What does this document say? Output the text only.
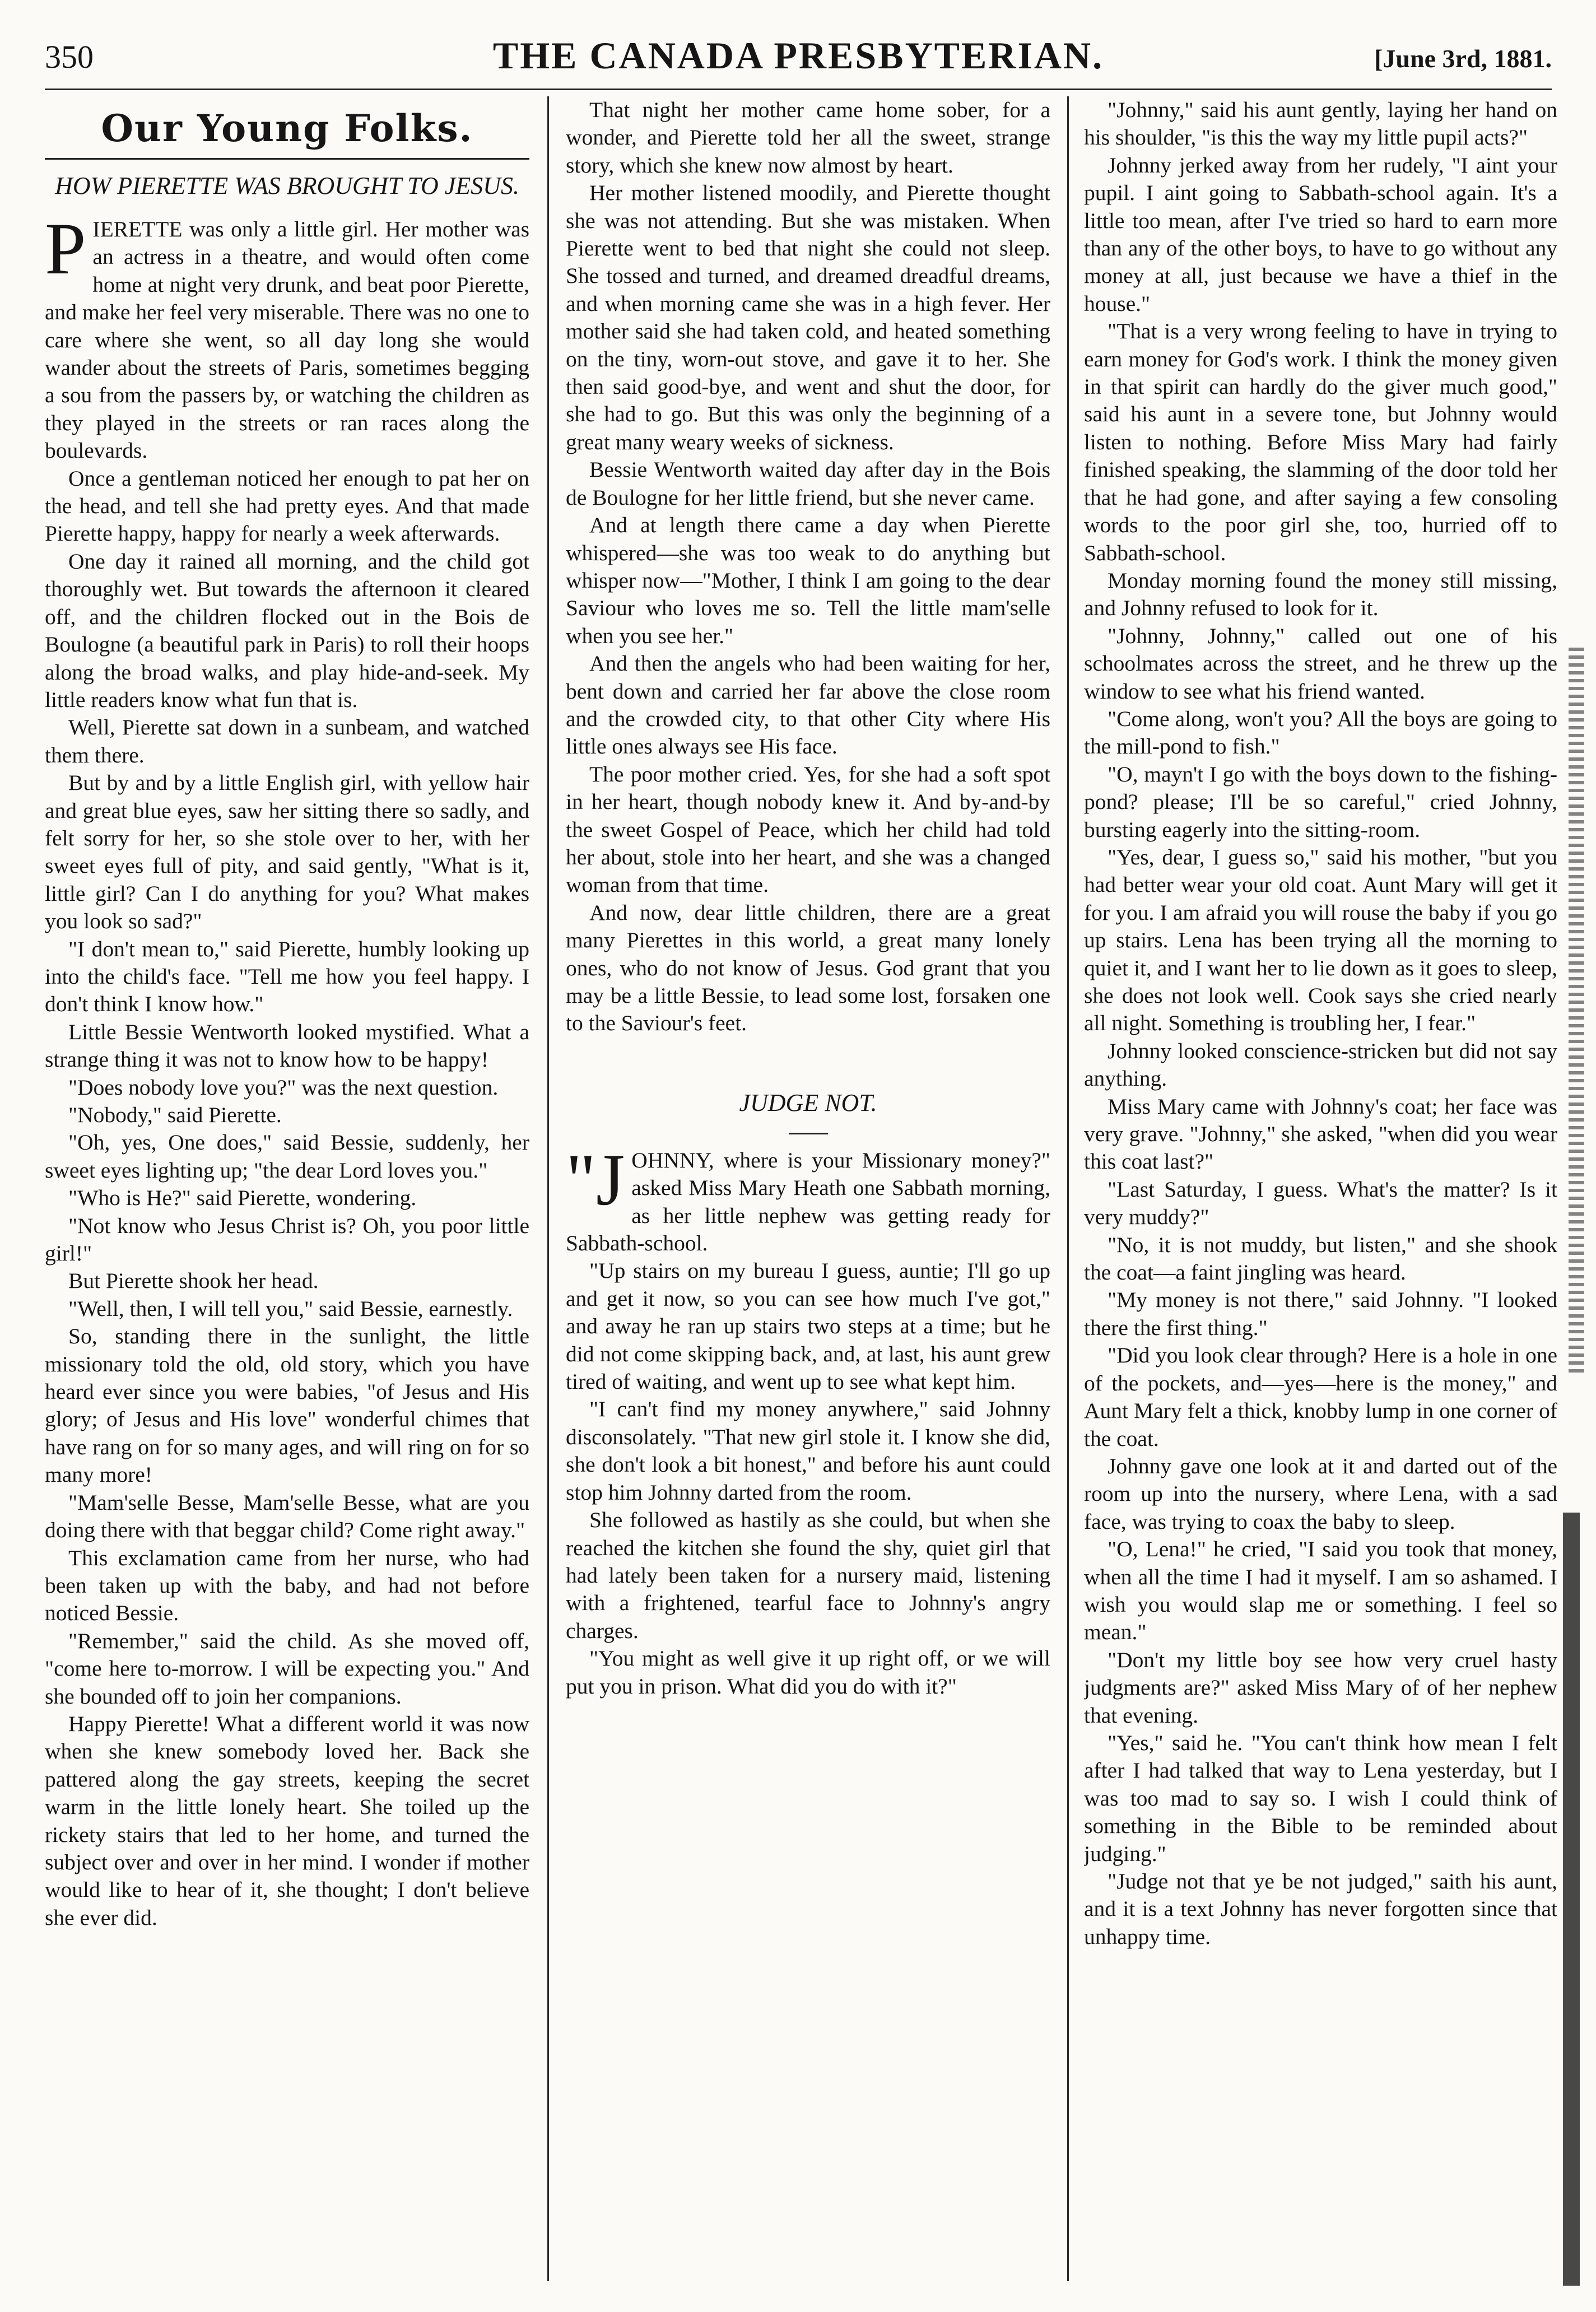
350	THE CANADA PRESBYTERIAN.	[June 3rd, 1881.
Our Young Folks.
HOW PIERETTE WAS BROUGHT TO JESUS.

PIERETTE was only a little girl. Her mother was an actress in a theatre, and would often come home at night very drunk, and beat poor Pierette, and make her feel very miserable. There was no one to care where she went, so all day long she would wander about the streets of Paris, sometimes begging a sou from the passers by, or watching the children as they played in the streets or ran races along the boulevards.

Once a gentleman noticed her enough to pat her on the head, and tell she had pretty eyes. And that made Pierette happy, happy for nearly a week afterwards.

One day it rained all morning, and the child got thoroughly wet. But towards the afternoon it cleared off, and the children flocked out in the Bois de Boulogne (a beautiful park in Paris) to roll their hoops along the broad walks, and play hide-and-seek. My little readers know what fun that is.

Well, Pierette sat down in a sunbeam, and watched them there.

But by and by a little English girl, with yellow hair and great blue eyes, saw her sitting there so sadly, and felt sorry for her, so she stole over to her, with her sweet eyes full of pity, and said gently, "What is it, little girl? Can I do anything for you? What makes you look so sad?"

"I don't mean to," said Pierette, humbly looking up into the child's face. "Tell me how you feel happy. I don't think I know how."

Little Bessie Wentworth looked mystified. What a strange thing it was not to know how to be happy!

"Does nobody love you?" was the next question.

"Nobody," said Pierette.

"Oh, yes, One does," said Bessie, suddenly, her sweet eyes lighting up; "the dear Lord loves you."

"Who is He?" said Pierette, wondering.

"Not know who Jesus Christ is? Oh, you poor little girl!"

But Pierette shook her head.

"Well, then, I will tell you," said Bessie, earnestly.

So, standing there in the sunlight, the little missionary told the old, old story, which you have heard ever since you were babies, "of Jesus and His glory; of Jesus and His love" wonderful chimes that have rang on for so many ages, and will ring on for so many more!

"Mam'selle Besse, Mam'selle Besse, what are you doing there with that beggar child? Come right away."

This exclamation came from her nurse, who had been taken up with the baby, and had not before noticed Bessie.

"Remember," said the child. As she moved off, "come here to-morrow. I will be expecting you." And she bounded off to join her companions.

Happy Pierette! What a different world it was now when she knew somebody loved her. Back she pattered along the gay streets, keeping the secret warm in the little lonely heart. She toiled up the rickety stairs that led to her home, and turned the subject over and over in her mind. I wonder if mother would like to hear of it, she thought; I don't believe she ever did.

That night her mother came home sober, for a wonder, and Pierette told her all the sweet, strange story, which she knew now almost by heart.

Her mother listened moodily, and Pierette thought she was not attending. But she was mistaken. When Pierette went to bed that night she could not sleep. She tossed and turned, and dreamed dreadful dreams, and when morning came she was in a high fever. Her mother said she had taken cold, and heated something on the tiny, worn-out stove, and gave it to her. She then said good-bye, and went and shut the door, for she had to go. But this was only the beginning of a great many weary weeks of sickness.

Bessie Wentworth waited day after day in the Bois de Boulogne for her little friend, but she never came.

And at length there came a day when Pierette whispered—she was too weak to do anything but whisper now—"Mother, I think I am going to the dear Saviour who loves me so. Tell the little mam'selle when you see her."

And then the angels who had been waiting for her, bent down and carried her far above the close room and the crowded city, to that other City where His little ones always see His face.

The poor mother cried. Yes, for she had a soft spot in her heart, though nobody knew it. And by-and-by the sweet Gospel of Peace, which her child had told her about, stole into her heart, and she was a changed woman from that time.

And now, dear little children, there are a great many Pierettes in this world, a great many lonely ones, who do not know of Jesus. God grant that you may be a little Bessie, to lead some lost, forsaken one to the Saviour's feet.

JUDGE NOT.

"JOHNNY, where is your Missionary money?" asked Miss Mary Heath one Sabbath morning, as her little nephew was getting ready for Sabbath-school.

"Up stairs on my bureau I guess, auntie; I'll go up and get it now, so you can see how much I've got," and away he ran up stairs two steps at a time; but he did not come skipping back, and, at last, his aunt grew tired of waiting, and went up to see what kept him.

"I can't find my money anywhere," said Johnny disconsolately. "That new girl stole it. I know she did, she don't look a bit honest," and before his aunt could stop him Johnny darted from the room.

She followed as hastily as she could, but when she reached the kitchen she found the shy, quiet girl that had lately been taken for a nursery maid, listening with a frightened, tearful face to Johnny's angry charges.

"You might as well give it up right off, or we will put you in prison. What did you do with it?"

"Johnny," said his aunt gently, laying her hand on his shoulder, "is this the way my little pupil acts?"

Johnny jerked away from her rudely, "I aint your pupil. I aint going to Sabbath-school again. It's a little too mean, after I've tried so hard to earn more than any of the other boys, to have to go without any money at all, just because we have a thief in the house."

"That is a very wrong feeling to have in trying to earn money for God's work. I think the money given in that spirit can hardly do the giver much good," said his aunt in a severe tone, but Johnny would listen to nothing. Before Miss Mary had fairly finished speaking, the slamming of the door told her that he had gone, and after saying a few consoling words to the poor girl she, too, hurried off to Sabbath-school.

Monday morning found the money still missing, and Johnny refused to look for it.

"Johnny, Johnny," called out one of his schoolmates across the street, and he threw up the window to see what his friend wanted.

"Come along, won't you? All the boys are going to the mill-pond to fish."

"O, mayn't I go with the boys down to the fishing-pond? please; I'll be so careful," cried Johnny, bursting eagerly into the sitting-room.

"Yes, dear, I guess so," said his mother, "but you had better wear your old coat. Aunt Mary will get it for you. I am afraid you will rouse the baby if you go up stairs. Lena has been trying all the morning to quiet it, and I want her to lie down as it goes to sleep, she does not look well. Cook says she cried nearly all night. Something is troubling her, I fear."

Johnny looked conscience-stricken but did not say anything.

Miss Mary came with Johnny's coat; her face was very grave. "Johnny," she asked, "when did you wear this coat last?"

"Last Saturday, I guess. What's the matter? Is it very muddy?"

"No, it is not muddy, but listen," and she shook the coat—a faint jingling was heard.

"My money is not there," said Johnny. "I looked there the first thing."

"Did you look clear through? Here is a hole in one of the pockets, and—yes—here is the money," and Aunt Mary felt a thick, knobby lump in one corner of the coat.

Johnny gave one look at it and darted out of the room up into the nursery, where Lena, with a sad face, was trying to coax the baby to sleep.

"O, Lena!" he cried, "I said you took that money, when all the time I had it myself. I am so ashamed. I wish you would slap me or something. I feel so mean."

"Don't my little boy see how very cruel hasty judgments are?" asked Miss Mary of of her nephew that evening.

"Yes," said he. "You can't think how mean I felt after I had talked that way to Lena yesterday, but I was too mad to say so. I wish I could think of something in the Bible to be reminded about judging."

"Judge not that ye be not judged," saith his aunt, and it is a text Johnny has never forgotten since that unhappy time.
